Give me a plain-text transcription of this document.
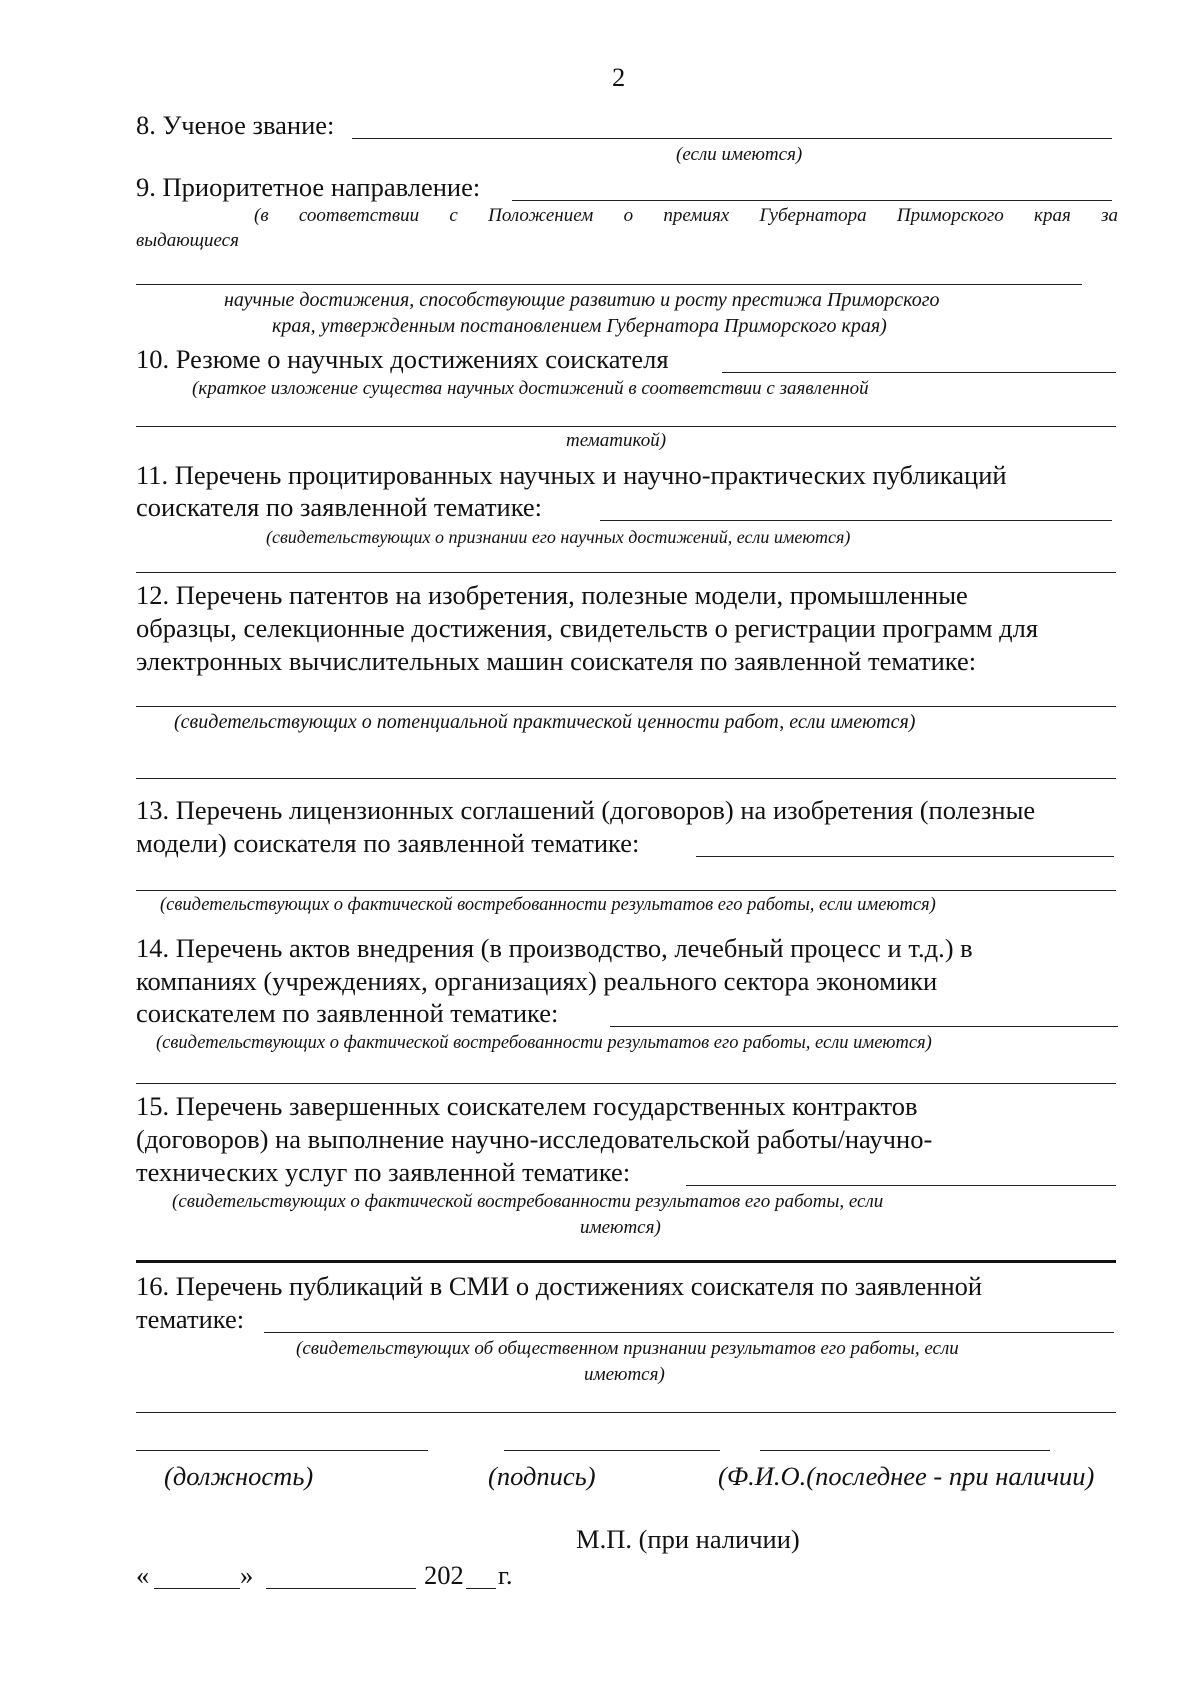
2
8. Ученое звание:
(если имеются)
9. Приоритетное направление:
(в соответствии с Положением о премиях Губернатора Приморского края за
выдающиеся
научные достижения, способствующие развитию и росту престижа Приморского
края, утвержденным постановлением Губернатора Приморского края)
10. Резюме о научных достижениях соискателя
(краткое изложение существа научных достижений в соответствии с заявленной
тематикой)
11. Перечень процитированных научных и научно-практических публикаций
соискателя по заявленной тематике:
(свидетельствующих о признании его научных достижений, если имеются)
12. Перечень патентов на изобретения, полезные модели, промышленные
образцы, селекционные достижения, свидетельств о регистрации программ для
электронных вычислительных машин соискателя по заявленной тематике:
(свидетельствующих о потенциальной практической ценности работ, если имеются)
13. Перечень лицензионных соглашений (договоров) на изобретения (полезные
модели) соискателя по заявленной тематике:
(свидетельствующих о фактической востребованности результатов его работы, если имеются)
14. Перечень актов внедрения (в производство, лечебный процесс и т.д.) в
компаниях (учреждениях, организациях) реального сектора экономики
соискателем по заявленной тематике:
(свидетельствующих о фактической востребованности результатов его работы, если имеются)
15. Перечень завершенных соискателем государственных контрактов
(договоров) на выполнение научно-исследовательской работы/научно-
технических услуг по заявленной тематике:
(свидетельствующих о фактической востребованности результатов его работы, если
имеются)
16. Перечень публикаций в СМИ о достижениях соискателя по заявленной
тематике:
(свидетельствующих об общественном признании результатов его работы, если
имеются)
(должность)	(подпись)	(Ф.И.О.(последнее - при наличии)
М.П. (при наличии)
«	»	202 г.
